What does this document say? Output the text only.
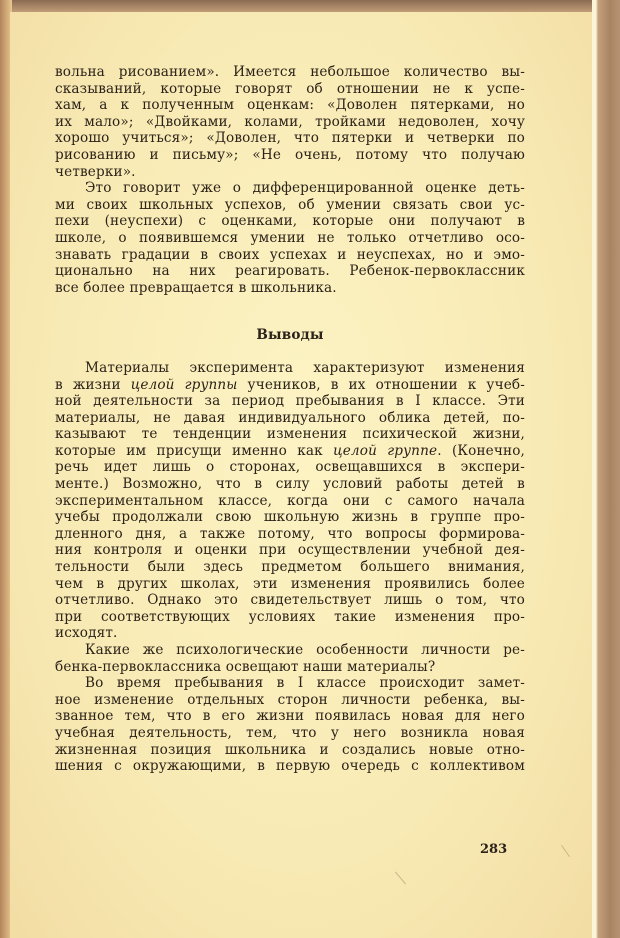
вольна рисованием». Имеется небольшое количество вы-
сказываний, которые говорят об отношении не к успе-
хам, а к полученным оценкам: «Доволен пятерками, но
их мало»; «Двойками, колами, тройками недоволен, хочу
хорошо учиться»; «Доволен, что пятерки и четверки по
рисованию и письму»; «Не очень, потому что получаю
четверки».
Это говорит уже о дифференцированной оценке деть-
ми своих школьных успехов, об умении связать свои ус-
пехи (неуспехи) с оценками, которые они получают в
школе, о появившемся умении не только отчетливо осо-
знавать градации в своих успехах и неуспехах, но и эмо-
ционально на них реагировать. Ребенок-первоклассник
все более превращается в школьника.
Выводы
Материалы эксперимента характеризуют изменения
в жизни целой группы учеников, в их отношении к учеб-
ной деятельности за период пребывания в I классе. Эти
материалы, не давая индивидуального облика детей, по-
казывают те тенденции изменения психической жизни,
которые им присущи именно как целой группе. (Конечно,
речь идет лишь о сторонах, освещавшихся в экспери-
менте.) Возможно, что в силу условий работы детей в
экспериментальном классе, когда они с самого начала
учебы продолжали свою школьную жизнь в группе про-
дленного дня, а также потому, что вопросы формирова-
ния контроля и оценки при осуществлении учебной дея-
тельности были здесь предметом большего внимания,
чем в других школах, эти изменения проявились более
отчетливо. Однако это свидетельствует лишь о том, что
при соответствующих условиях такие изменения про-
исходят.
Какие же психологические особенности личности ре-
бенка-первоклассника освещают наши материалы?
Во время пребывания в I классе происходит замет-
ное изменение отдельных сторон личности ребенка, вы-
званное тем, что в его жизни появилась новая для него
учебная деятельность, тем, что у него возникла новая
жизненная позиция школьника и создались новые отно-
шения с окружающими, в первую очередь с коллективом
283
